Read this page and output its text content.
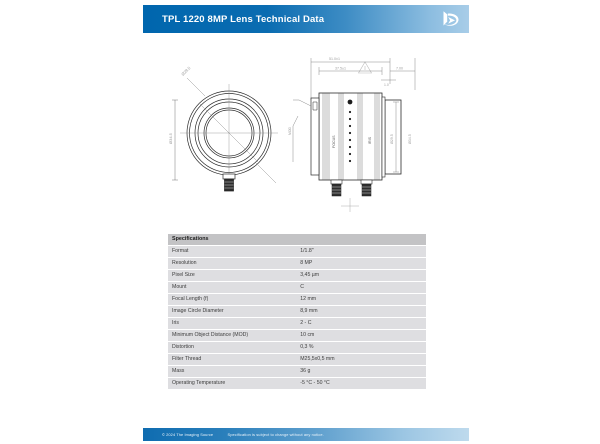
TPL 1220 8MP Lens Technical Data
Ø34.5
Ø29.5
51.0±1
37.5±1	7.00
1.0
FOCUS	IRIS	Ø29.5	Ø34.5
MOD
Specifications	
Format	1/1.8"
Resolution	8 MP
Pixel Size	3,45 µm
Mount	C
Focal Length (f)	12 mm
Image Circle Diameter	8,9 mm
Iris	2 - C
Minimum Object Distance (MOD)	10 cm
Distortion	0,3 %
Filter Thread	M25,5x0,5 mm
Mass	36 g
Operating Temperature	-5 °C - 50 °C
© 2024 The Imaging Source	Specification is subject to change without any notice.
